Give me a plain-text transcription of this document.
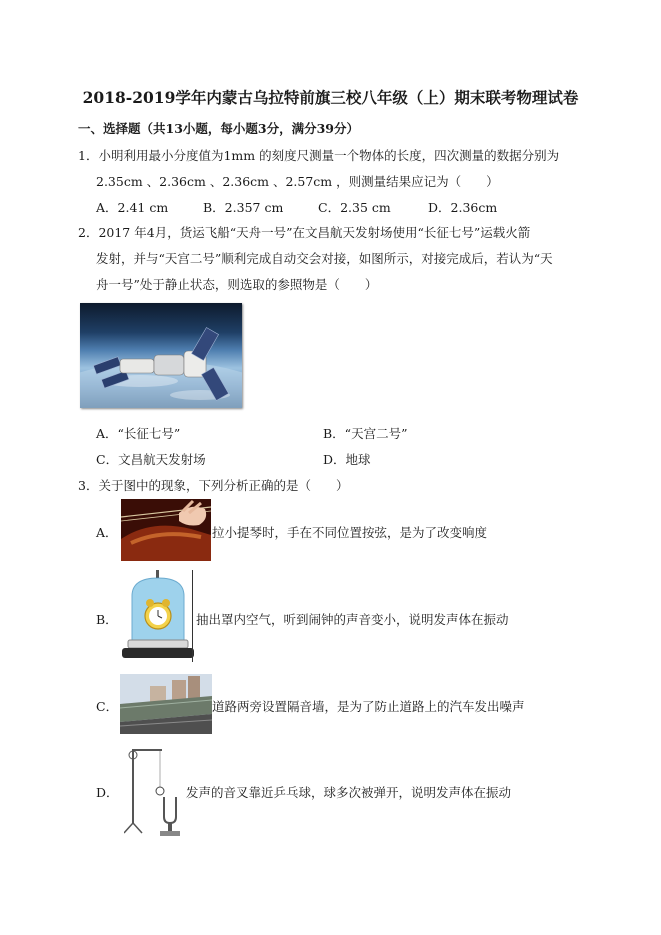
2018-2019学年内蒙古乌拉特前旗三校八年级（上）期末联考物理试卷
一、选择题（共13小题，每小题3分，满分39分）
1．小明利用最小分度值为1mm 的刻度尺测量一个物体的长度，四次测量的数据分别为
2.35cm 、2.36cm 、2.36cm 、2.57cm ，则测量结果应记为（　　）
A．2.41 cm	B．2.357 cm	C．2.35 cm	D．2.36cm
2．2017 年4月，货运飞船“天舟一号”在文昌航天发射场使用“长征七号”运载火箭
发射，并与“天宫二号”顺利完成自动交会对接，如图所示，对接完成后，若认为“天
舟一号”处于静止状态，则选取的参照物是（　　）
A．“长征七号”	B．“天宫二号”
C．文昌航天发射场	D．地球
3．关于图中的现象，下列分析正确的是（　　）
A．	拉小提琴时，手在不同位置按弦，是为了改变响度
B．	抽出罩内空气，听到闹钟的声音变小，说明发声体在振动
C．	道路两旁设置隔音墙，是为了防止道路上的汽车发出噪声
D．	发声的音叉靠近乒乓球，球多次被弹开，说明发声体在振动
